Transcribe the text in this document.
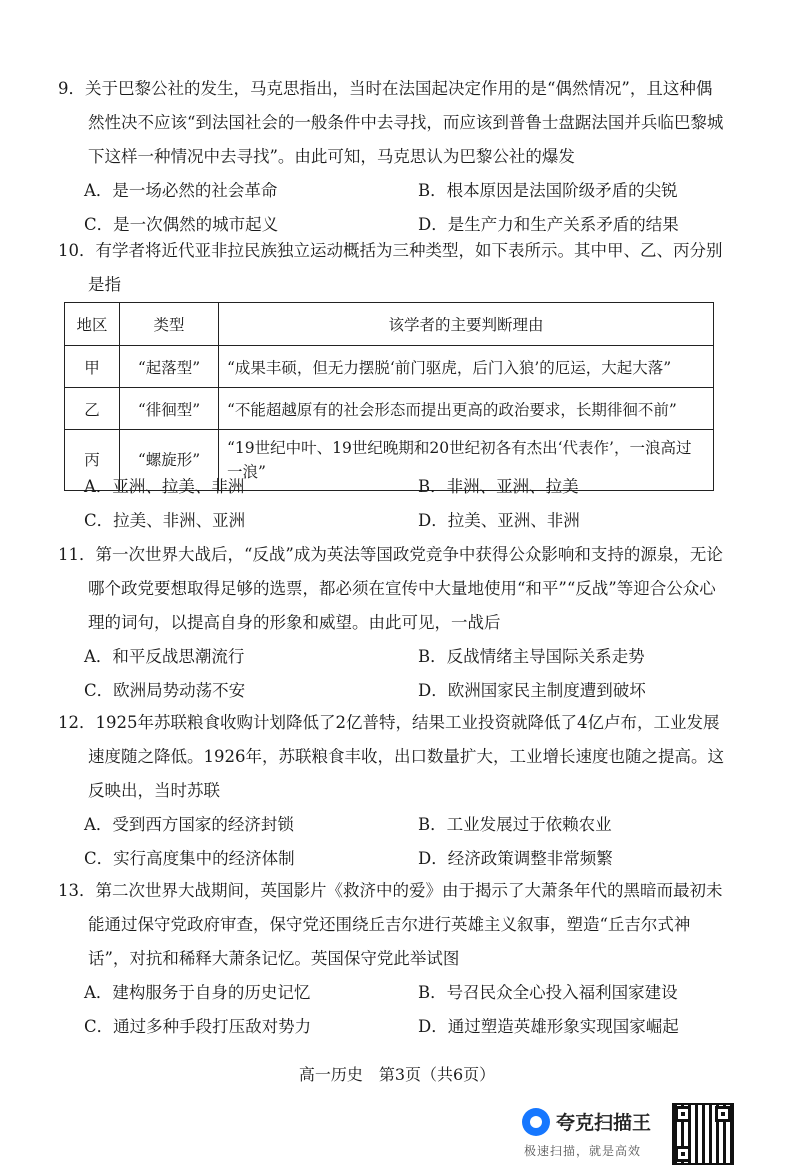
9．关于巴黎公社的发生，马克思指出，当时在法国起决定作用的是“偶然情况”，且这种偶然性决不应该“到法国社会的一般条件中去寻找，而应该到普鲁士盘踞法国并兵临巴黎城下这样一种情况中去寻找”。由此可知，马克思认为巴黎公社的爆发

A．是一场必然的社会革命	B．根本原因是法国阶级矛盾的尖锐
C．是一次偶然的城市起义	D．是生产力和生产关系矛盾的结果

10．有学者将近代亚非拉民族独立运动概括为三种类型，如下表所示。其中甲、乙、丙分别是指

地区	类型	该学者的主要判断理由
甲	“起落型”	“成果丰硕，但无力摆脱‘前门驱虎，后门入狼’的厄运，大起大落”
乙	“徘徊型”	“不能超越原有的社会形态而提出更高的政治要求，长期徘徊不前”
丙	“螺旋形”	“19世纪中叶、19世纪晚期和20世纪初各有杰出‘代表作’，一浪高过一浪”
A．亚洲、拉美、非洲	B．非洲、亚洲、拉美
C．拉美、非洲、亚洲	D．拉美、亚洲、非洲

11．第一次世界大战后，“反战”成为英法等国政党竞争中获得公众影响和支持的源泉，无论哪个政党要想取得足够的选票，都必须在宣传中大量地使用“和平”“反战”等迎合公众心理的词句，以提高自身的形象和威望。由此可见，一战后

A．和平反战思潮流行	B．反战情绪主导国际关系走势
C．欧洲局势动荡不安	D．欧洲国家民主制度遭到破坏

12．1925年苏联粮食收购计划降低了2亿普特，结果工业投资就降低了4亿卢布，工业发展速度随之降低。1926年，苏联粮食丰收，出口数量扩大，工业增长速度也随之提高。这反映出，当时苏联

A．受到西方国家的经济封锁	B．工业发展过于依赖农业
C．实行高度集中的经济体制	D．经济政策调整非常频繁

13．第二次世界大战期间，英国影片《救济中的爱》由于揭示了大萧条年代的黑暗而最初未能通过保守党政府审查，保守党还围绕丘吉尔进行英雄主义叙事，塑造“丘吉尔式神话”，对抗和稀释大萧条记忆。英国保守党此举试图

A．建构服务于自身的历史记忆	B．号召民众全心投入福利国家建设
C．通过多种手段打压敌对势力	D．通过塑造英雄形象实现国家崛起
高一历史　第3页（共6页）
夸克扫描王
极速扫描，就是高效
